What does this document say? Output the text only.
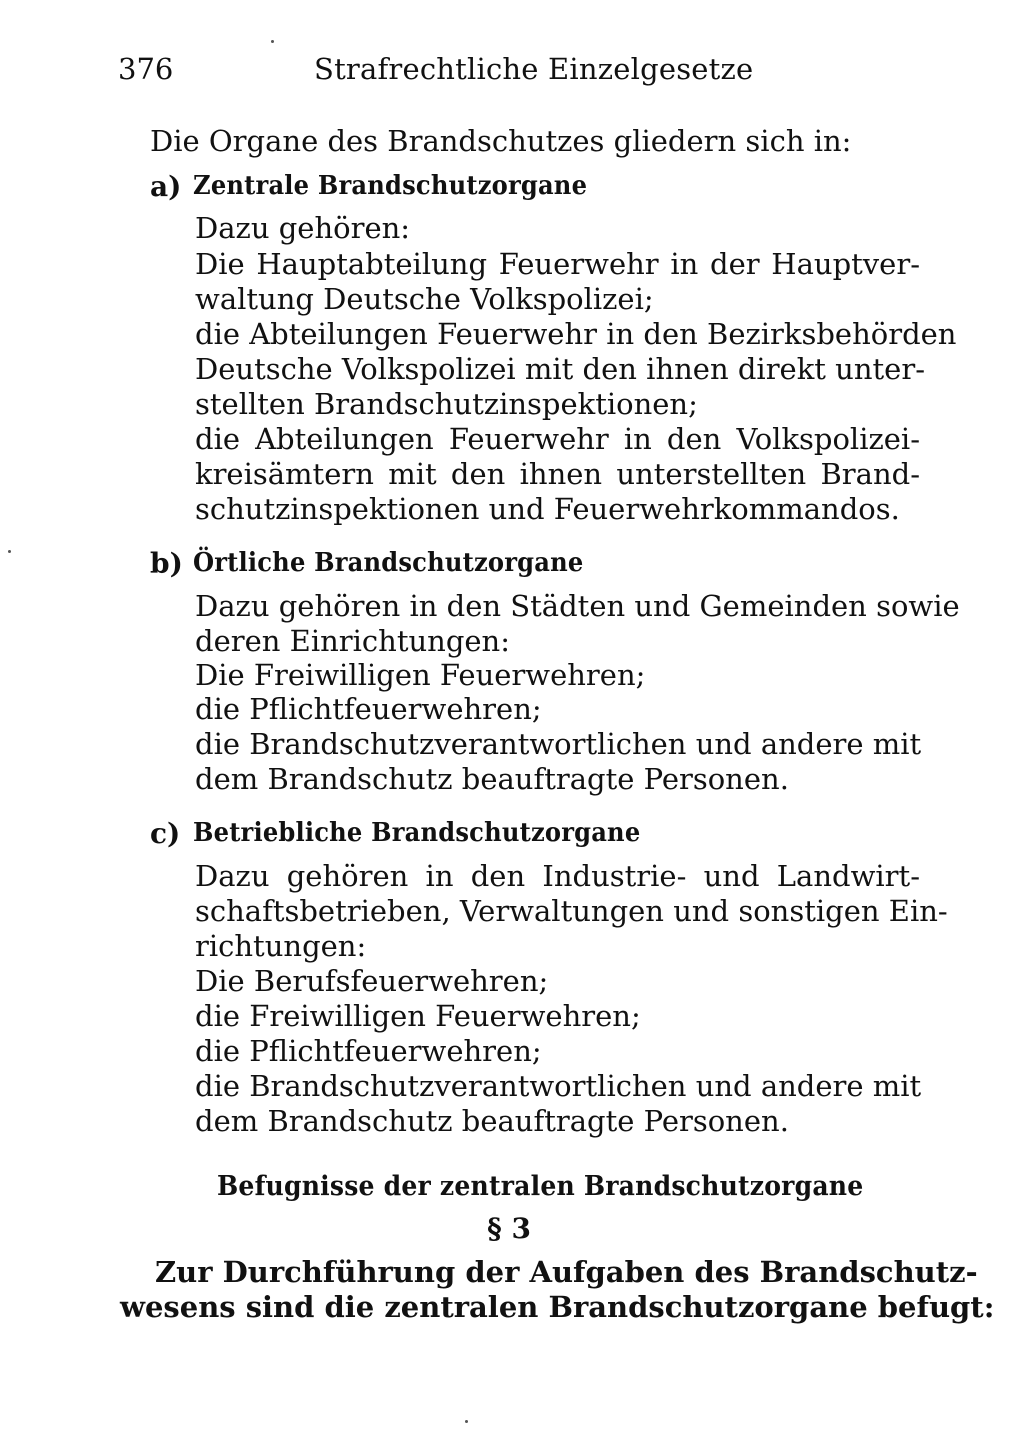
376	Strafrechtliche Einzelgesetze
Die Organe des Brandschutzes gliedern sich in:
a) Zentrale Brandschutzorgane
Dazu gehören:
Die Hauptabteilung Feuerwehr in der Hauptver-
waltung Deutsche Volkspolizei;
die Abteilungen Feuerwehr in den Bezirksbehörden
Deutsche Volkspolizei mit den ihnen direkt unter-
stellten Brandschutzinspektionen;
die Abteilungen Feuerwehr in den Volkspolizei-
kreisämtern mit den ihnen unterstellten Brand-
schutzinspektionen und Feuerwehrkommandos.
b) Örtliche Brandschutzorgane
Dazu gehören in den Städten und Gemeinden sowie
deren Einrichtungen:
Die Freiwilligen Feuerwehren;
die Pflichtfeuerwehren;
die Brandschutzverantwortlichen und andere mit
dem Brandschutz beauftragte Personen.
c) Betriebliche Brandschutzorgane
Dazu gehören in den Industrie- und Landwirt-
schaftsbetrieben, Verwaltungen und sonstigen Ein-
richtungen:
Die Berufsfeuerwehren;
die Freiwilligen Feuerwehren;
die Pflichtfeuerwehren;
die Brandschutzverantwortlichen und andere mit
dem Brandschutz beauftragte Personen.
Befugnisse der zentralen Brandschutzorgane
§ 3
Zur Durchführung der Aufgaben des Brandschutz-
wesens sind die zentralen Brandschutzorgane befugt:
